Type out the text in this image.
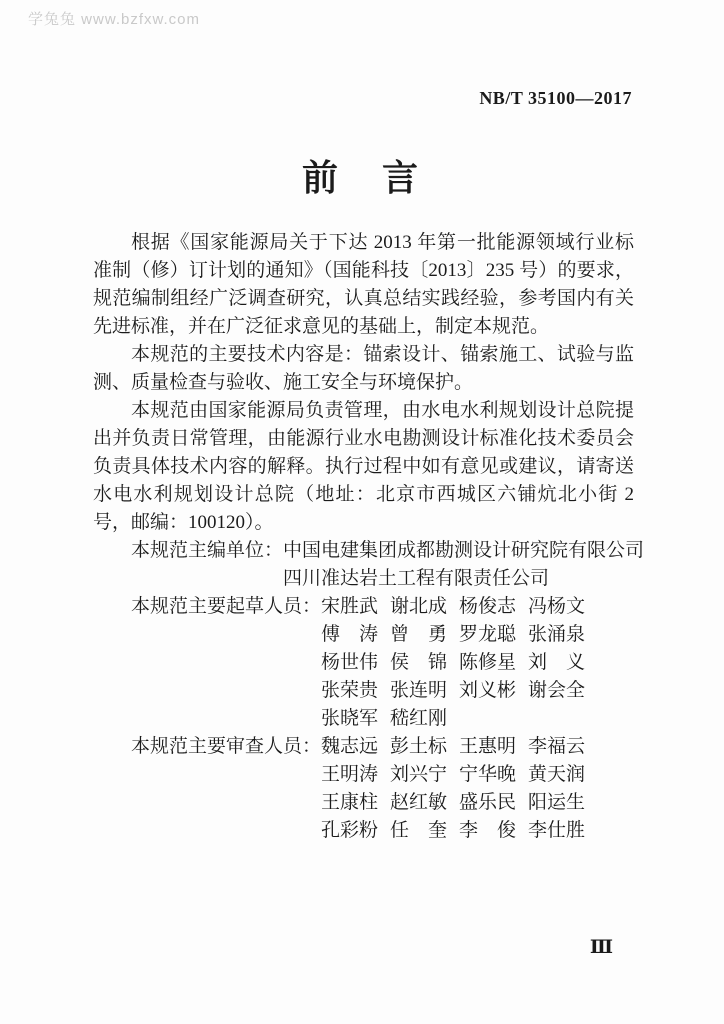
学兔兔 www.bzfxw.com
NB/T 35100—2017
前　言

根据《国家能源局关于下达 2013 年第一批能源领域行业标准制（修）订计划的通知》（国能科技〔2013〕235 号）的要求，规范编制组经广泛调查研究，认真总结实践经验，参考国内有关先进标准，并在广泛征求意见的基础上，制定本规范。

本规范的主要技术内容是：锚索设计、锚索施工、试验与监测、质量检查与验收、施工安全与环境保护。

本规范由国家能源局负责管理，由水电水利规划设计总院提出并负责日常管理，由能源行业水电勘测设计标准化技术委员会负责具体技术内容的解释。执行过程中如有意见或建议，请寄送水电水利规划设计总院（地址：北京市西城区六铺炕北小街 2 号，邮编：100120）。

本规范主编单位： 中国电建集团成都勘测设计研究院有限公司
四川准达岩土工程有限责任公司
本规范主要起草人员： 宋胜武 谢北成 杨俊志 冯杨文
傅　涛 曾　勇 罗龙聪 张涌泉
杨世伟 侯　锦 陈修星 刘　义
张荣贵 张连明 刘义彬 谢会全
张晓军 嵇红刚
本规范主要审查人员： 魏志远 彭土标 王惠明 李福云
王明涛 刘兴宁 宁华晚 黄天润
王康柱 赵红敏 盛乐民 阳运生
孔彩粉 任　奎 李　俊 李仕胜
Ⅲ
